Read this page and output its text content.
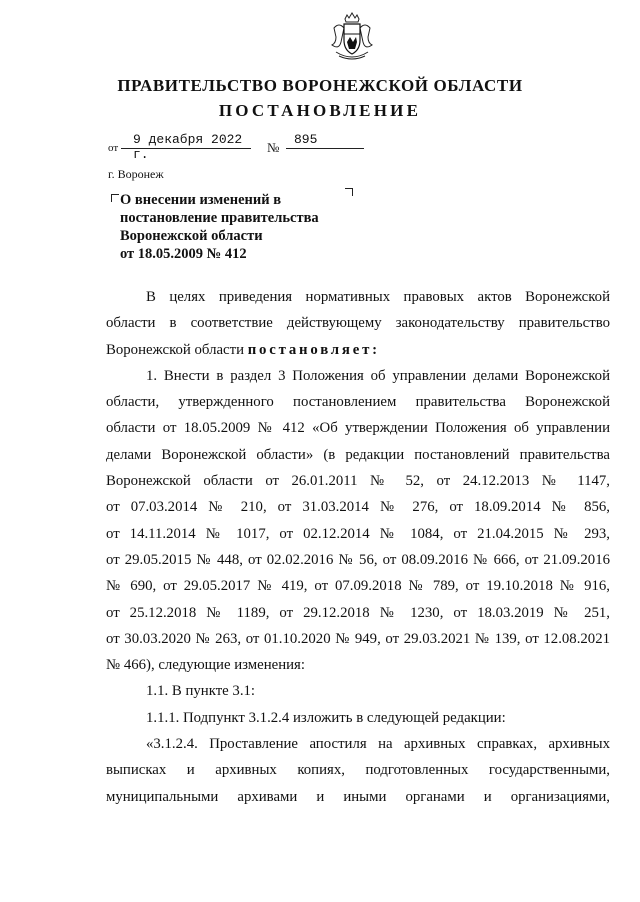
ПРАВИТЕЛЬСТВО ВОРОНЕЖСКОЙ ОБЛАСТИ
ПОСТАНОВЛЕНИЕ
от
9 декабря 2022 г.	№
895
г. Воронеж
О внесении изменений в
постановление правительства
Воронежской области
от 18.05.2009 № 412

В целях приведения нормативных правовых актов Воронежской

области в соответствие действующему законодательству правительство

Воронежской области постановляет:

1. Внести в раздел 3 Положения об управлении делами Воронежской

области, утвержденного постановлением правительства Воронежской

области от 18.05.2009 № 412 «Об утверждении Положения об управлении

делами Воронежской области» (в редакции постановлений правительства

Воронежской области от 26.01.2011 № 52, от 24.12.2013 № 1147,

от 07.03.2014 № 210, от 31.03.2014 № 276, от 18.09.2014 № 856,

от 14.11.2014 № 1017, от 02.12.2014 № 1084, от 21.04.2015 № 293,

от 29.05.2015 № 448, от 02.02.2016 № 56, от 08.09.2016 № 666, от 21.09.2016

№ 690, от 29.05.2017 № 419, от 07.09.2018 № 789, от 19.10.2018 № 916,

от 25.12.2018 № 1189, от 29.12.2018 № 1230, от 18.03.2019 № 251,

от 30.03.2020 № 263, от 01.10.2020 № 949, от 29.03.2021 № 139, от 12.08.2021

№ 466), следующие изменения:

1.1. В пункте 3.1:

1.1.1. Подпункт 3.1.2.4 изложить в следующей редакции:

«3.1.2.4. Проставление апостиля на архивных справках, архивных

выписках и архивных копиях, подготовленных государственными,

муниципальными архивами и иными органами и организациями,
